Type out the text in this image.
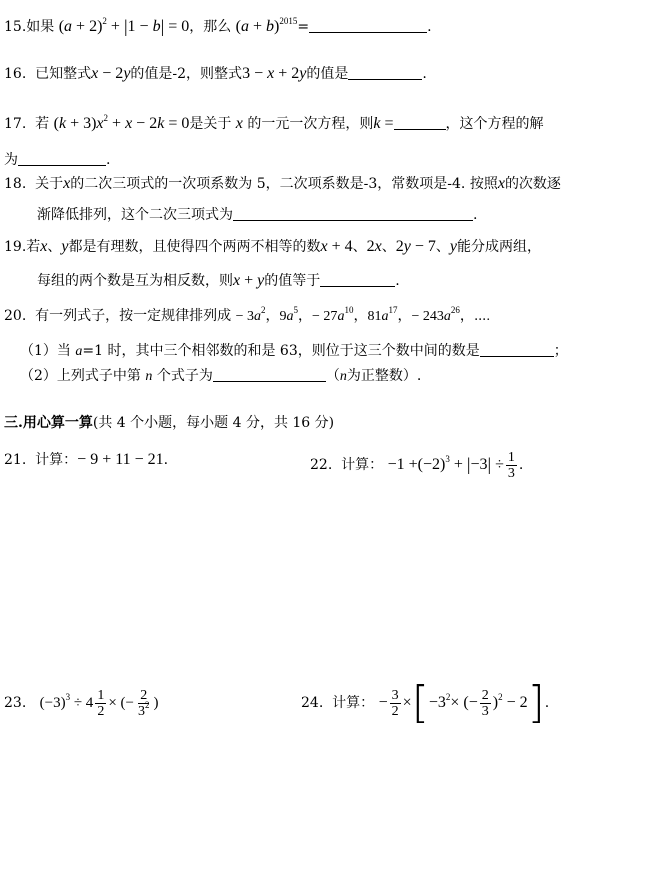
15.如果 $(a + 2)^2 + |1 - b| = 0$，那么 $(a + b)^{2015}=$	.
16. 已知整式x − 2y的值是-2，则整式3 − x + 2y的值是	.
17. 若 $(k + 3)x^2 + x - 2k = 0$是关于 x 的一元一次方程，则k =	，这个方程的解
为	.
18. 关于x的二次三项式的一次项系数为 5，二次项系数是-3，常数项是-4. 按照x的次数逐
渐降低排列，这个二次三项式为	.
19.若x、y都是有理数，且使得四个两两不相等的数x + 4、2x、2y − 7、y能分成两组，
每组的两个数是互为相反数，则x + y的值等于	.
20. 有一列式子，按一定规律排列成 − $3a^2$，$9a^5$，− $27a^{10}$，$81a^{17}$，− $243a^{26}$，⋯.
（1）当 a=1 时，其中三个相邻数的和是 63，则位于这三个数中间的数是	；
（2）上列式子中第 n 个式子为	（n为正整数）.
三.用心算一算(共 4 个小题，每小题 4 分，共 16 分)
21. 计算：− 9 + 11 − 21.	22. 计算： $-1 +(-2)^3 + |-3| \div \frac{1}{3}$ .
23. $(-3)^3 \div 4 \frac{1}{2}$ × (− $\frac{2}{3^2}$ )	24. 计算： − $\frac{3}{2} \times[-3^2\times$ (− $\frac{2}{3} )^2 - 2$].
